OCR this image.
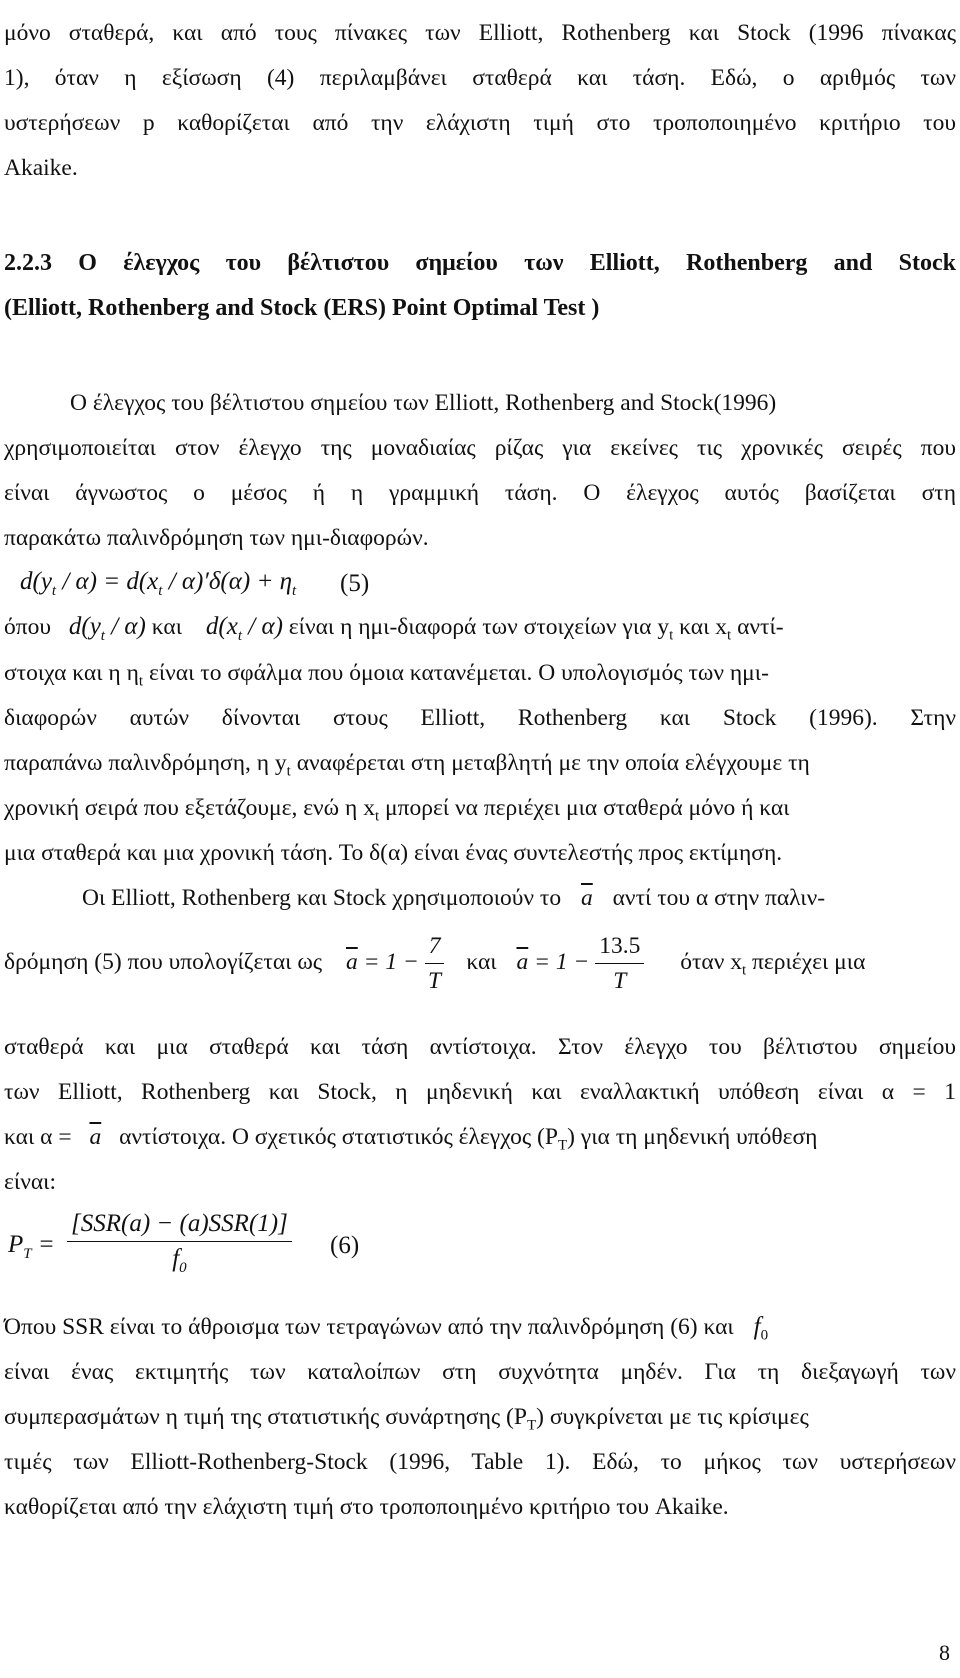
μόνο σταθερά, και από τους πίνακες των Elliott, Rothenberg και Stock (1996 πίνακας
1), όταν η εξίσωση (4) περιλαμβάνει σταθερά και τάση. Εδώ, ο αριθμός των
υστερήσεων p καθορίζεται από την ελάχιστη τιμή στο τροποποιημένο κριτήριο του
Akaike.
2.2.3 Ο έλεγχος του βέλτιστου σημείου των Elliott, Rothenberg and Stock
(Elliott, Rothenberg and Stock (ERS) Point Optimal Test )
Ο έλεγχος του βέλτιστου σημείου των Elliott, Rothenberg and Stock(1996)
χρησιμοποιείται στον έλεγχο της μοναδιαίας ρίζας για εκείνες τις χρονικές σειρές που
είναι άγνωστος ο μέσος ή η γραμμική τάση. Ο έλεγχος αυτός βασίζεται στη
παρακάτω παλινδρόμηση των ημι-διαφορών.
$d(y_t / \alpha) = d(x_t / \alpha)'\delta(\alpha) + \eta_t$ (5)
όπου $d(y_t / \alpha)$ και $d(x_t / \alpha)$ είναι η ημι-διαφορά των στοιχείων για $y_t$ και $x_t$ αντί-
στοιχα και η $\eta_t$ είναι το σφάλμα που όμοια κατανέμεται. Ο υπολογισμός των ημι-
διαφορών αυτών δίνονται στους Elliott, Rothenberg και Stock (1996). Στην
παραπάνω παλινδρόμηση, η $y_t$ αναφέρεται στη μεταβλητή με την οποία ελέγχουμε τη
χρονική σειρά που εξετάζουμε, ενώ η $x_t$ μπορεί να περιέχει μια σταθερά μόνο ή και
μια σταθερά και μια χρονική τάση. Το δ(α) είναι ένας συντελεστής προς εκτίμηση.
Οι Elliott, Rothenberg και Stock χρησιμοποιούν το $\overline{a}$ αντί του α στην παλιν-
δρόμηση (5) που υπολογίζεται ως $\overline{a} = 1 - \frac{7}{T}$ και $\overline{a} = 1 - \frac{13.5}{T}$ όταν $x_t$ περιέχει μια
σταθερά και μια σταθερά και τάση αντίστοιχα. Στον έλεγχο του βέλτιστου σημείου
των Elliott, Rothenberg και Stock, η μηδενική και εναλλακτική υπόθεση είναι α = 1
και $\alpha = \overline{a}$ αντίστοιχα. Ο σχετικός στατιστικός έλεγχος $(P_T)$ για τη μηδενική υπόθεση
είναι:
$P_T = \frac{\text{[SSR(a) − (a)SSR(1)]}}{f_0} (6)$
Όπου SSR είναι το άθροισμα των τετραγώνων από την παλινδρόμηση (6) και $f_0$
είναι ένας εκτιμητής των καταλοίπων στη συχνότητα μηδέν. Για τη διεξαγωγή των
συμπερασμάτων η τιμή της στατιστικής συνάρτησης $(P_T)$ συγκρίνεται με τις κρίσιμες
τιμές των Elliott-Rothenberg-Stock (1996, Table 1). Εδώ, το μήκος των υστερήσεων
καθορίζεται από την ελάχιστη τιμή στο τροποποιημένο κριτήριο του Akaike.
8
